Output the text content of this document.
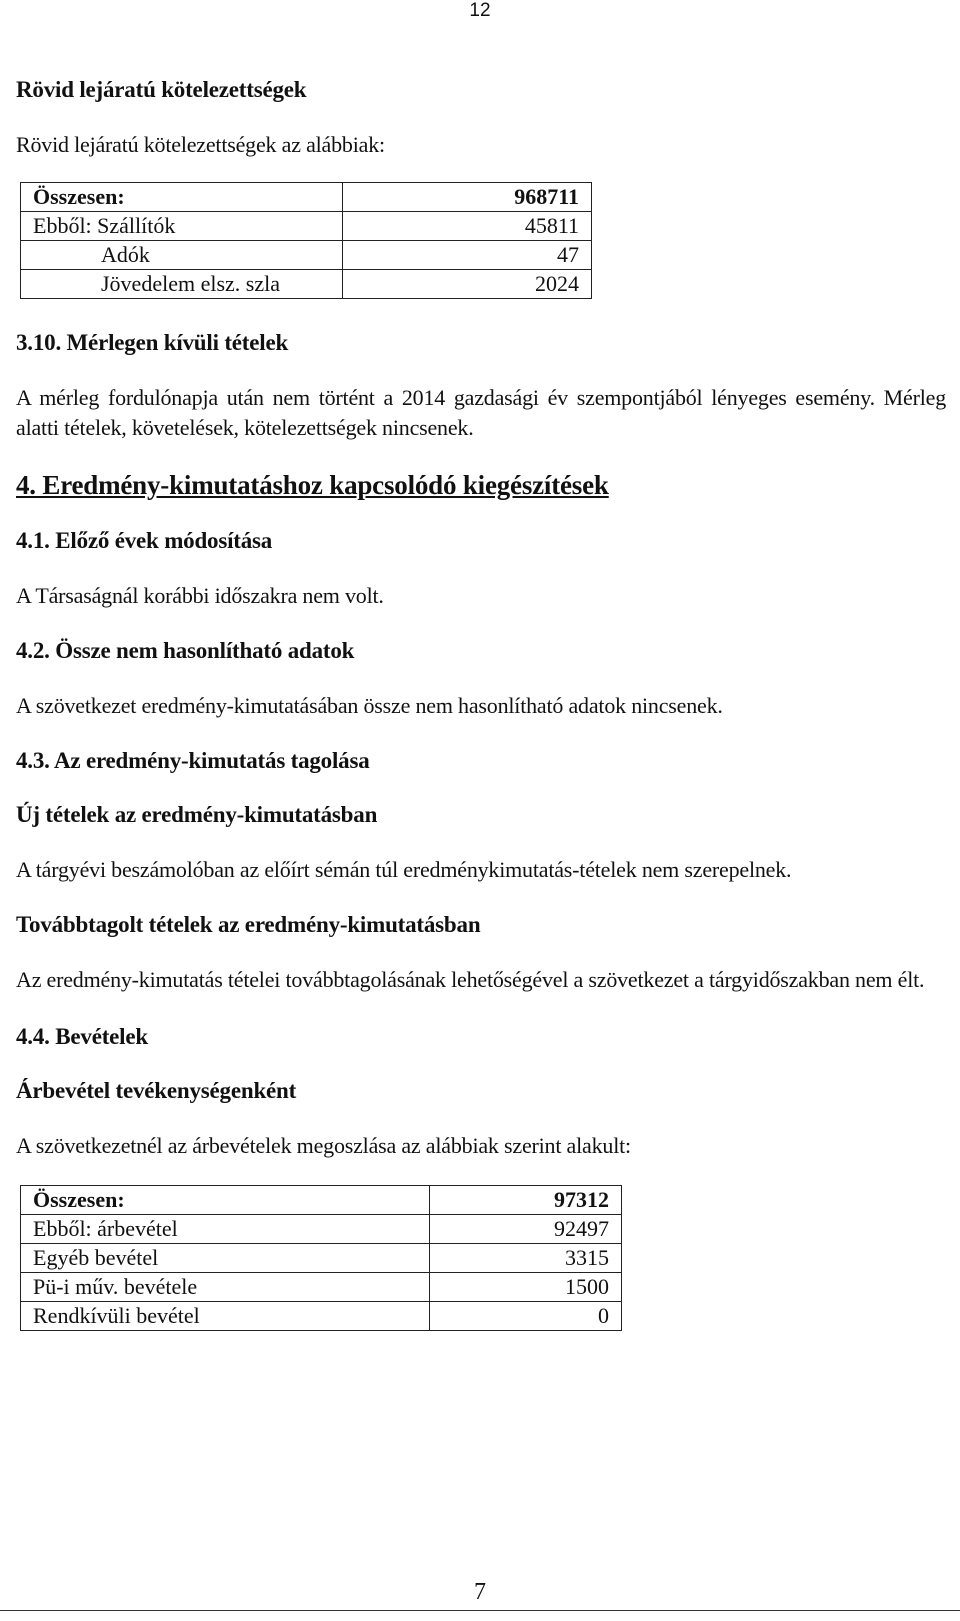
12

Rövid lejáratú kötelezettségek

Rövid lejáratú kötelezettségek az alábbiak:

Összesen:	968711
Ebből: Szállítók	45811
Adók	47
Jövedelem elsz. szla	2024

3.10. Mérlegen kívüli tételek

A mérleg fordulónapja után nem történt a 2014 gazdasági év szempontjából lényeges esemény. Mérleg alatti tételek, követelések, kötelezettségek nincsenek.

4. Eredmény-kimutatáshoz kapcsolódó kiegészítések

4.1. Előző évek módosítása

A Társaságnál korábbi időszakra nem volt.

4.2. Össze nem hasonlítható adatok

A szövetkezet eredmény-kimutatásában össze nem hasonlítható adatok nincsenek.

4.3. Az eredmény-kimutatás tagolása

Új tételek az eredmény-kimutatásban

A tárgyévi beszámolóban az előírt sémán túl eredménykimutatás-tételek nem szerepelnek.

Továbbtagolt tételek az eredmény-kimutatásban

Az eredmény-kimutatás tételei továbbtagolásának lehetőségével a szövetkezet a tárgyidőszakban nem élt.

4.4. Bevételek

Árbevétel tevékenységenként

A szövetkezetnél az árbevételek megoszlása az alábbiak szerint alakult:

Összesen:	97312
Ebből: árbevétel	92497
Egyéb bevétel	3315
Pü-i műv. bevétele	1500
Rendkívüli bevétel	0
7
